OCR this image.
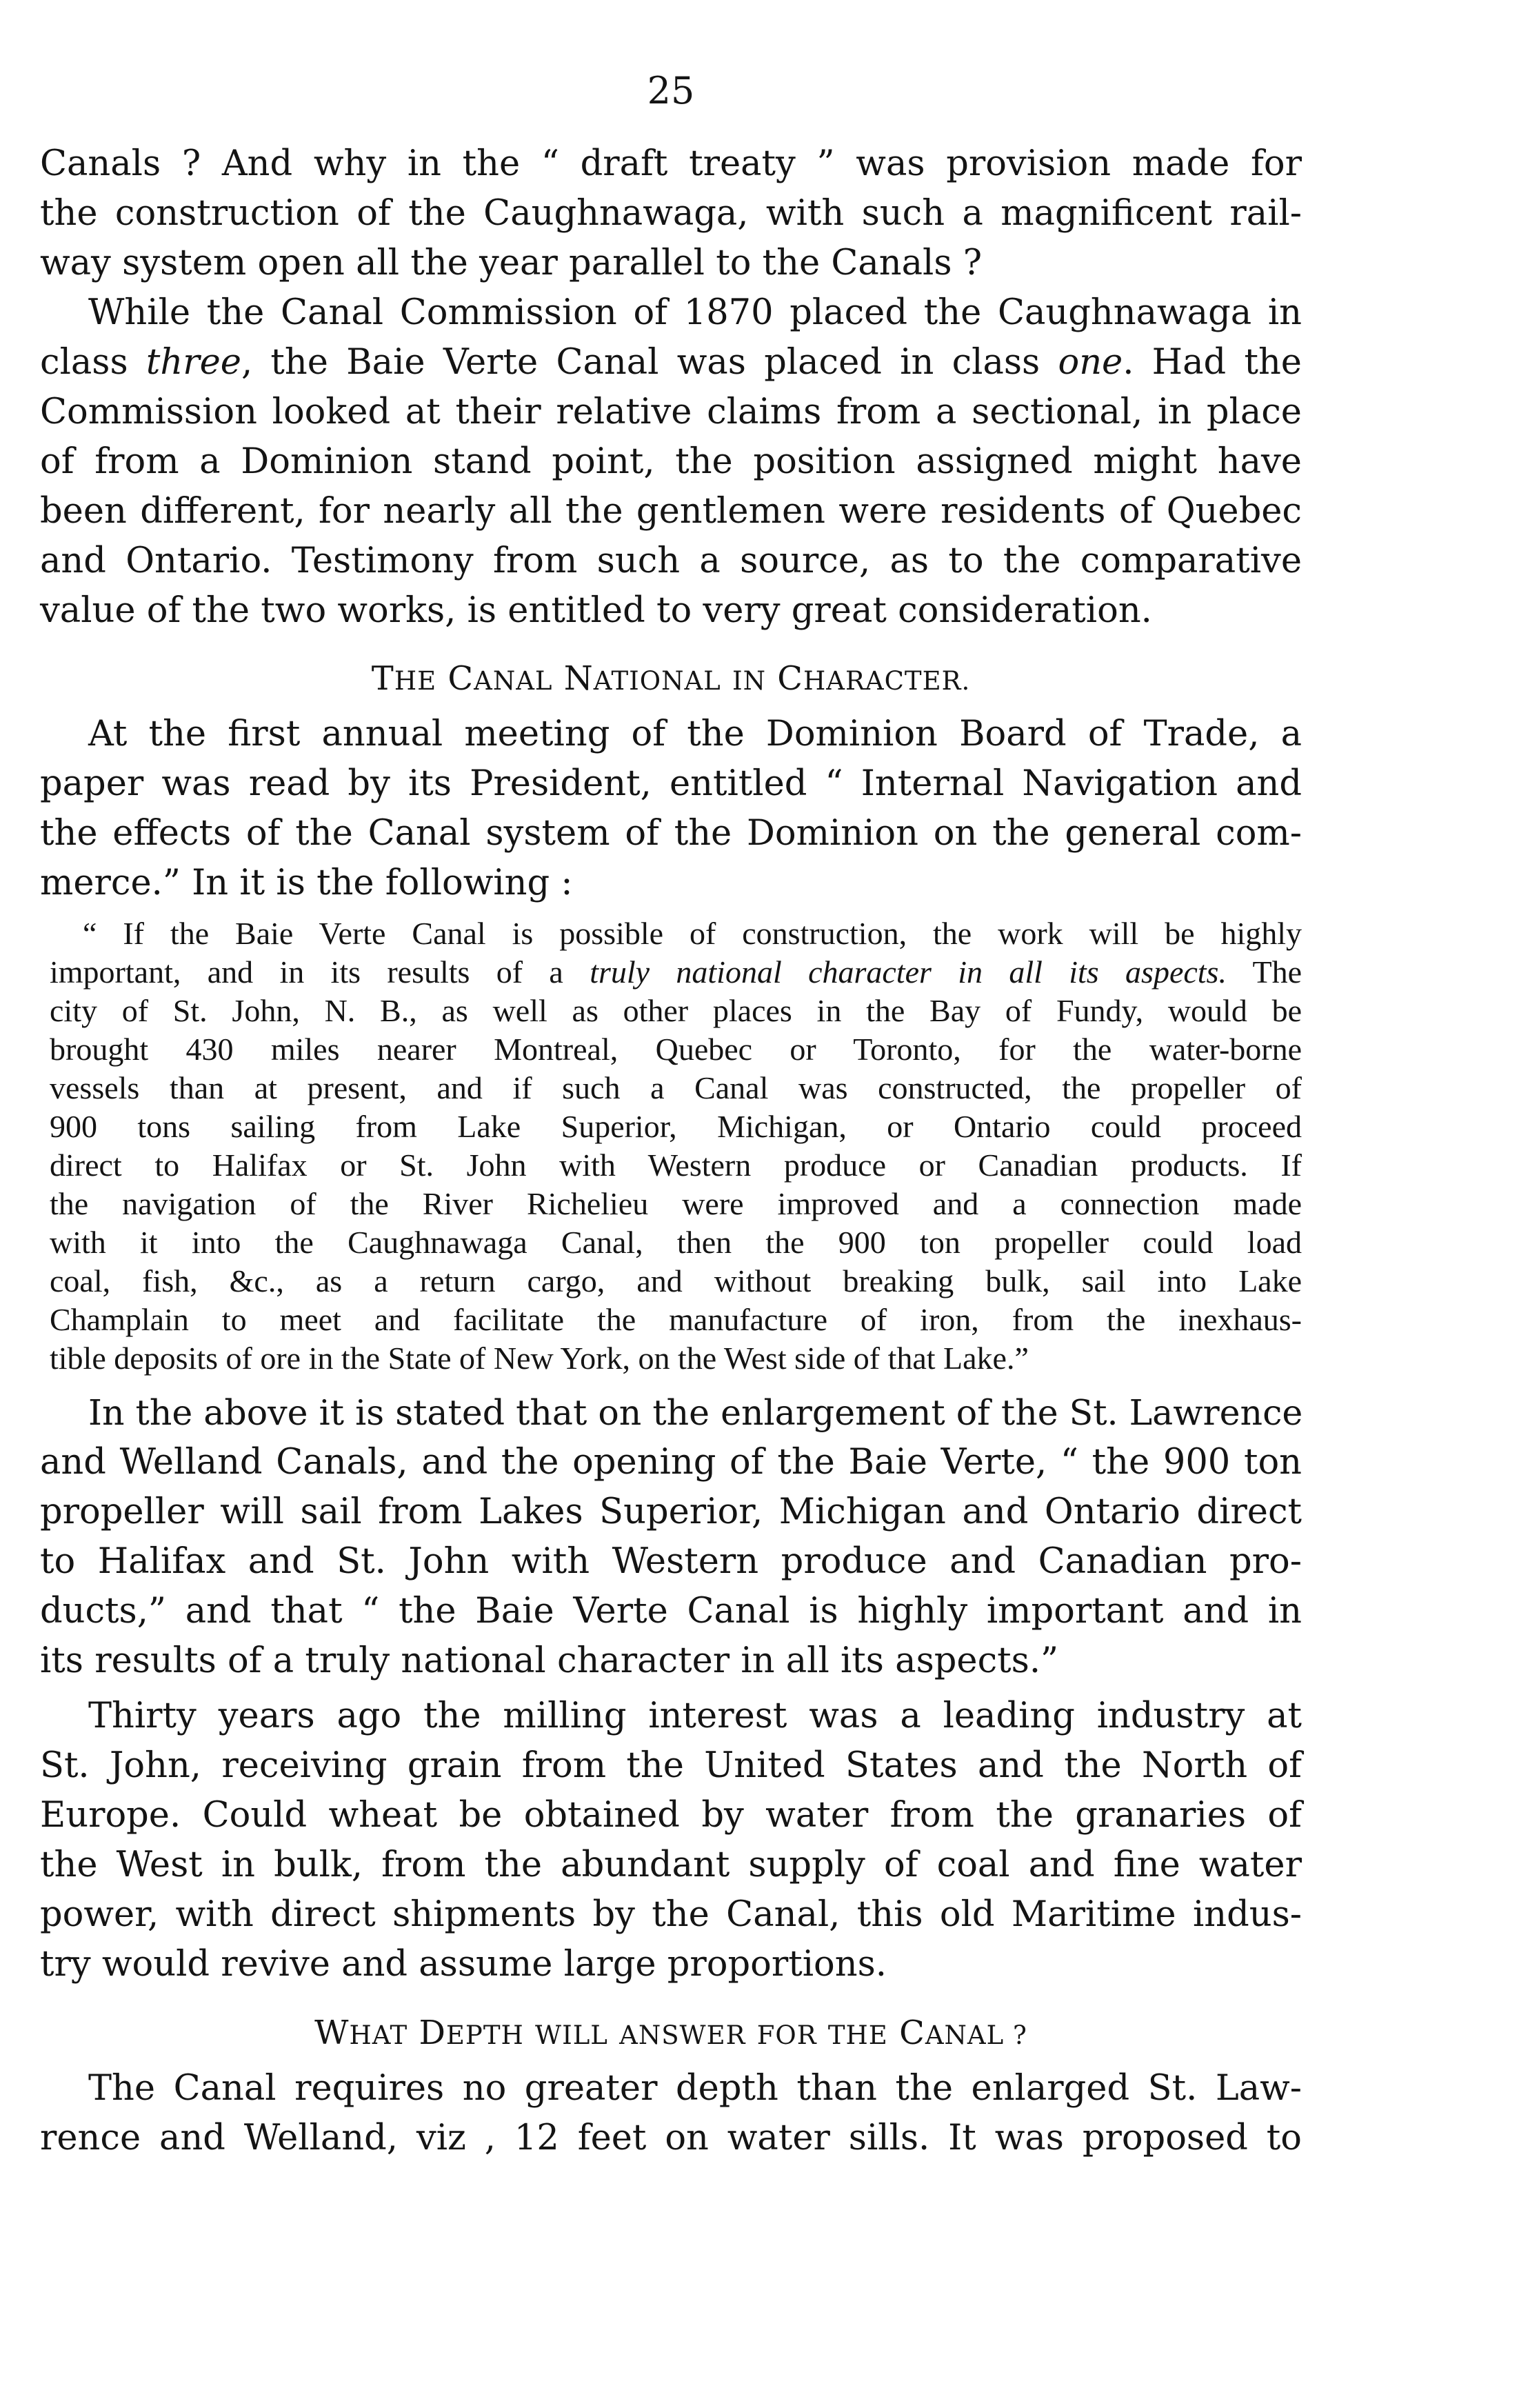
25
Canals ? And why in the “ draft treaty ” was provision made for
the construction of the Caughnawaga, with such a magnificent rail-
way system open all the year parallel to the Canals ?
While the Canal Commission of 1870 placed the Caughnawaga in
class three, the Baie Verte Canal was placed in class one. Had the
Commission looked at their relative claims from a sectional, in place
of from a Dominion stand point, the position assigned might have
been different, for nearly all the gentlemen were residents of Quebec
and Ontario. Testimony from such a source, as to the comparative
value of the two works, is entitled to very great consideration.
THE CANAL NATIONAL IN CHARACTER.
At the first annual meeting of the Dominion Board of Trade, a
paper was read by its President, entitled “ Internal Navigation and
the effects of the Canal system of the Dominion on the general com-
merce.” In it is the following :
“ If the Baie Verte Canal is possible of construction, the work will be highly
important, and in its results of a truly national character in all its aspects. The
city of St. John, N. B., as well as other places in the Bay of Fundy, would be
brought 430 miles nearer Montreal, Quebec or Toronto, for the water-borne
vessels than at present, and if such a Canal was constructed, the propeller of
900 tons sailing from Lake Superior, Michigan, or Ontario could proceed
direct to Halifax or St. John with Western produce or Canadian products. If
the navigation of the River Richelieu were improved and a connection made
with it into the Caughnawaga Canal, then the 900 ton propeller could load
coal, fish, &c., as a return cargo, and without breaking bulk, sail into Lake
Champlain to meet and facilitate the manufacture of iron, from the inexhaus-
tible deposits of ore in the State of New York, on the West side of that Lake.”
In the above it is stated that on the enlargement of the St. Lawrence
and Welland Canals, and the opening of the Baie Verte, “ the 900 ton
propeller will sail from Lakes Superior, Michigan and Ontario direct
to Halifax and St. John with Western produce and Canadian pro-
ducts,” and that “ the Baie Verte Canal is highly important and in
its results of a truly national character in all its aspects.”
Thirty years ago the milling interest was a leading industry at
St. John, receiving grain from the United States and the North of
Europe. Could wheat be obtained by water from the granaries of
the West in bulk, from the abundant supply of coal and fine water
power, with direct shipments by the Canal, this old Maritime indus-
try would revive and assume large proportions.
WHAT DEPTH WILL ANSWER FOR THE CANAL ?
The Canal requires no greater depth than the enlarged St. Law-
rence and Welland, viz , 12 feet on water sills. It was proposed to
